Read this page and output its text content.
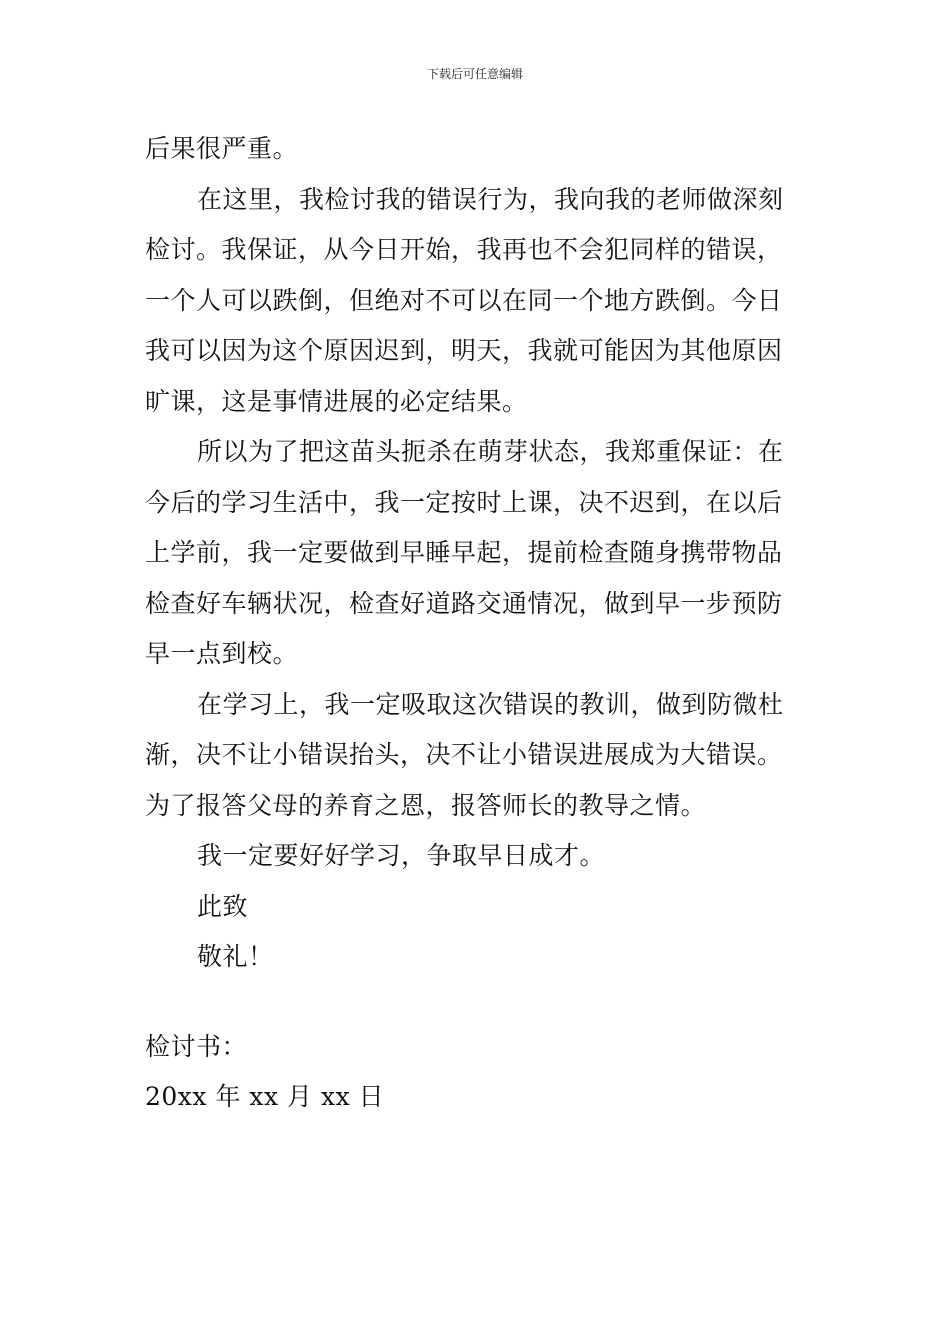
下载后可任意编辑
后果很严重。
在这里，我检讨我的错误行为，我向我的老师做深刻
检讨。我保证，从今日开始，我再也不会犯同样的错误，
一个人可以跌倒，但绝对不可以在同一个地方跌倒。今日
我可以因为这个原因迟到，明天，我就可能因为其他原因
旷课，这是事情进展的必定结果。
所以为了把这苗头扼杀在萌芽状态，我郑重保证：在
今后的学习生活中，我一定按时上课，决不迟到，在以后
上学前，我一定要做到早睡早起，提前检查随身携带物品
检查好车辆状况，检查好道路交通情况，做到早一步预防
早一点到校。
在学习上，我一定吸取这次错误的教训，做到防微杜
渐，决不让小错误抬头，决不让小错误进展成为大错误。
为了报答父母的养育之恩，报答师长的教导之情。
我一定要好好学习，争取早日成才。
此致
敬礼！
检讨书：
20xx 年 xx 月 xx 日
